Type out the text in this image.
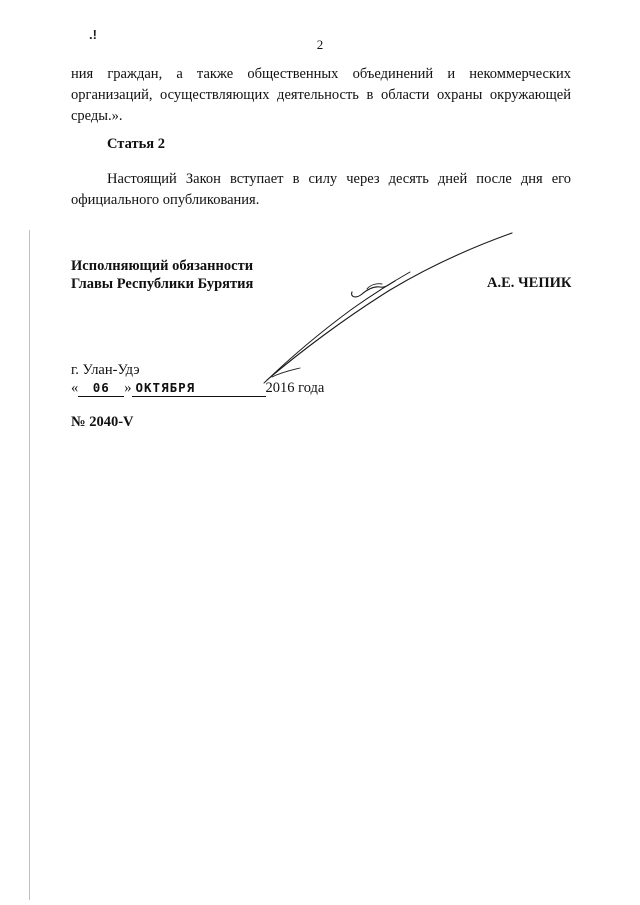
.!
2
ния граждан, а также общественных объединений и некоммерческих организаций, осуществляющих деятельность в области охраны окружающей среды.».
Статья 2
Настоящий Закон вступает в силу через десять дней после дня его официального опубликования.
Исполняющий обязанности
Главы Республики Бурятия	А.Е. ЧЕПИК
г. Улан-Удэ
« 06 » ОКТЯБРЯ	2016 года
№ 2040-V
